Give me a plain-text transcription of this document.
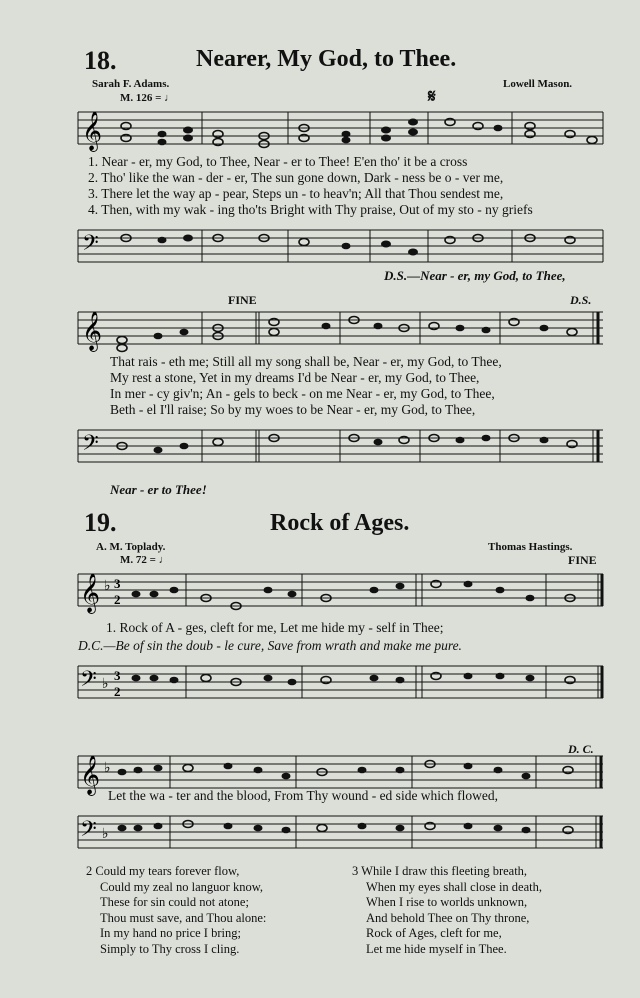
18.	Nearer, My God, to Thee.
Sarah F. Adams.	Lowell Mason.
M. 126 = ♩	𝄋
𝄞
1. Near - er, my God, to Thee, Near - er to Thee! E'en tho' it be a cross
2. Tho' like the wan - der - er, The sun gone down, Dark - ness be o - ver me,
3. There let the way ap - pear, Steps un - to heav'n; All that Thou sendest me,
4. Then, with my wak - ing tho'ts Bright with Thy praise, Out of my sto - ny griefs
𝄢
D.S.—Near - er, my God, to Thee,
FINE	D.S.
𝄞
That rais - eth me; Still all my song shall be, Near - er, my God, to Thee,
My rest a stone, Yet in my dreams I'd be Near - er, my God, to Thee,
In mer - cy giv'n; An - gels to beck - on me Near - er, my God, to Thee,
Beth - el I'll raise; So by my woes to be Near - er, my God, to Thee,
𝄢
Near - er to Thee!
19.	Rock of Ages.
A. M. Toplady.	Thomas Hastings.
M. 72 = ♩	FINE
𝄞 ♭ 3
2
1. Rock of A - ges, cleft for me, Let me hide my - self in Thee;
D.C.—Be of sin the doub - le cure, Save from wrath and make me pure.
𝄢 ♭
3
2
D. C.
𝄞 ♭
Let the wa - ter and the blood, From Thy wound - ed side which flowed,
𝄢 ♭
2 Could my tears forever flow,
Could my zeal no languor know,
These for sin could not atone;
Thou must save, and Thou alone:
In my hand no price I bring;
Simply to Thy cross I cling.
3 While I draw this fleeting breath,
When my eyes shall close in death,
When I rise to worlds unknown,
And behold Thee on Thy throne,
Rock of Ages, cleft for me,
Let me hide myself in Thee.
